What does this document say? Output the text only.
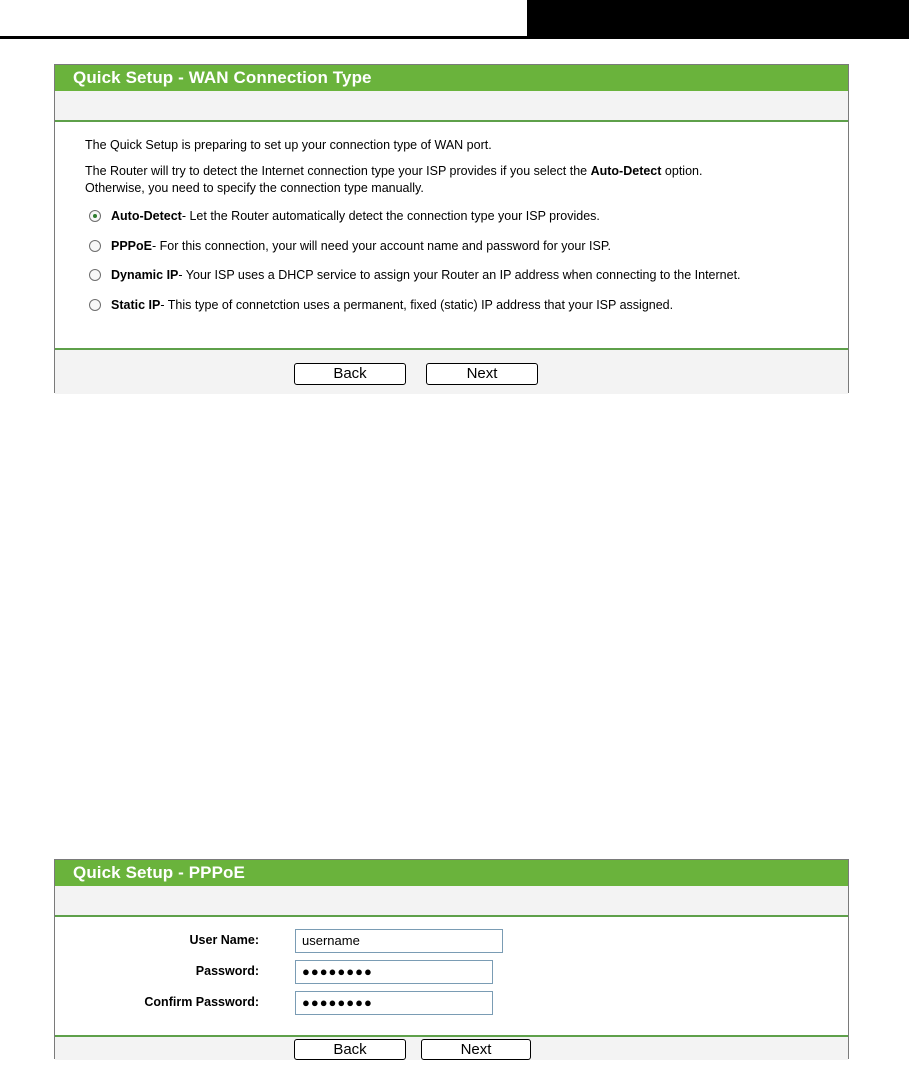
Quick Setup - WAN Connection Type
The Quick Setup is preparing to set up your connection type of WAN port.
The Router will try to detect the Internet connection type your ISP provides if you select the Auto-Detect option.
Otherwise, you need to specify the connection type manually.
Auto-Detect - Let the Router automatically detect the connection type your ISP provides.
PPPoE - For this connection, your will need your account name and password for your ISP.
Dynamic IP - Your ISP uses a DHCP service to assign your Router an IP address when connecting to the Internet.
Static IP - This type of connetction uses a permanent, fixed (static) IP address that your ISP assigned.
Back	Next
Quick Setup - PPPoE
User Name:	username
Password:	●●●●●●●●
Confirm Password:	●●●●●●●●
Back	Next
